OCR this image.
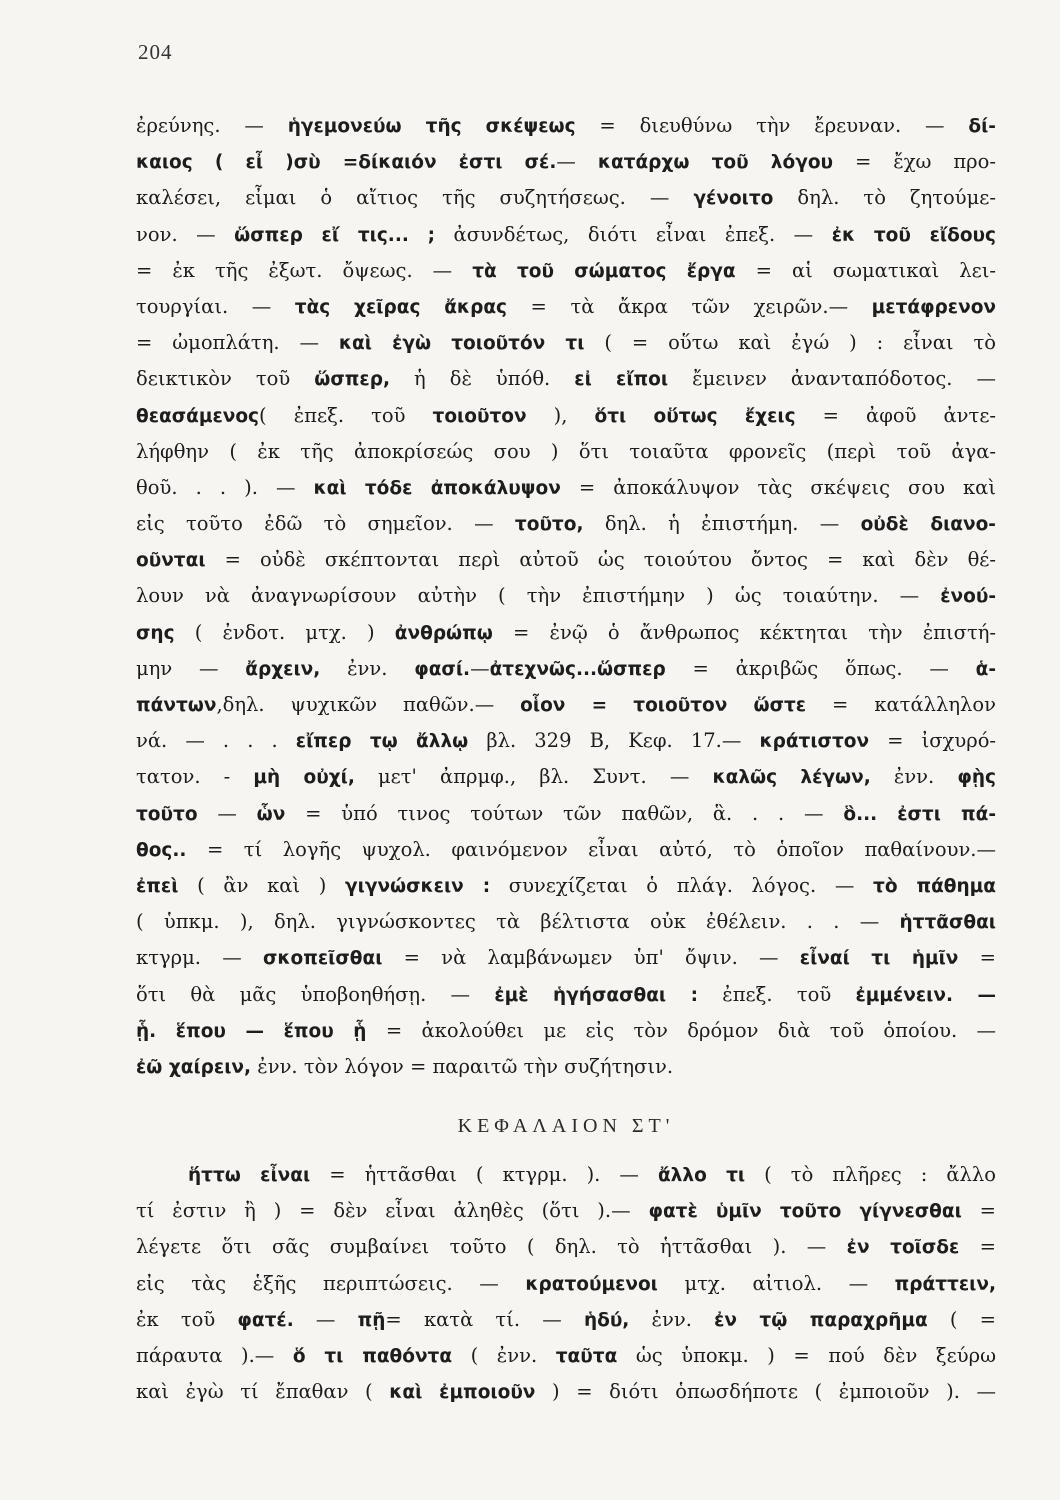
204
ἐρεύνης. — ἡγεμονεύω τῆς σκέψεως = διευθύνω τὴν ἔρευναν. — δί-
καιος ( εἶ )σὺ =δίκαιόν ἐστι σέ.— κατάρχω τοῦ λόγου = ἔχω προ-
καλέσει, εἶμαι ὁ αἴτιος τῆς συζητήσεως. — γένοιτο δηλ. τὸ ζητούμε-
νον. — ὥσπερ εἴ τις... ; ἀσυνδέτως, διότι εἶναι ἐπεξ. — ἐκ τοῦ εἴδους
= ἐκ τῆς ἐξωτ. ὄψεως. — τὰ τοῦ σώματος ἔργα = αἱ σωματικαὶ λει-
τουργίαι. — τὰς χεῖρας ἄκρας = τὰ ἄκρα τῶν χειρῶν.— μετάφρενον
= ὠμοπλάτη. — καὶ ἐγὼ τοιοῦτόν τι ( = οὕτω καὶ ἐγώ ) : εἶναι τὸ
δεικτικὸν τοῦ ὥσπερ, ἡ δὲ ὑπόθ. εἰ εἴποι ἔμεινεν ἀνανταπόδοτος. —
θεασάμενος( ἐπεξ. τοῦ τοιοῦτον ), ὅτι οὕτως ἔχεις = ἀφοῦ ἀντε-
λήφθην ( ἐκ τῆς ἀποκρίσεώς σου ) ὅτι τοιαῦτα φρονεῖς (περὶ τοῦ ἀγα-
θοῦ. . . ). — καὶ τόδε ἀποκάλυψον = ἀποκάλυψον τὰς σκέψεις σου καὶ
εἰς τοῦτο ἐδῶ τὸ σημεῖον. — τοῦτο, δηλ. ἡ ἐπιστήμη. — οὐδὲ διανο-
οῦνται = οὐδὲ σκέπτονται περὶ αὐτοῦ ὡς τοιούτου ὄντος = καὶ δὲν θέ-
λουν νὰ ἀναγνωρίσουν αὐτὴν ( τὴν ἐπιστήμην ) ὡς τοιαύτην. — ἐνού-
σης ( ἐνδοτ. μτχ. ) ἀνθρώπῳ = ἐνῷ ὁ ἄνθρωπος κέκτηται τὴν ἐπιστή-
μην — ἄρχειν, ἐνν. φασί.—ἀτεχνῶς...ὥσπερ = ἀκριβῶς ὅπως. — ἁ-
πάντων,δηλ. ψυχικῶν παθῶν.— οἷον = τοιοῦτον ὥστε = κατάλληλον
νά. — . . . εἴπερ τῳ ἄλλῳ βλ. 329 Β, Κεφ. 17.— κράτιστον = ἰσχυρό-
τατον. - μὴ οὐχί, μετ' ἀπρμφ., βλ. Συντ. — καλῶς λέγων, ἐνν. φῂς
τοῦτο — ὧν = ὑπό τινος τούτων τῶν παθῶν, ἃ. . . — ὃ... ἐστι πά-
θος.. = τί λογῆς ψυχολ. φαινόμενον εἶναι αὐτό, τὸ ὁποῖον παθαίνουν.—
ἐπεὶ ( ἂν καὶ ) γιγνώσκειν : συνεχίζεται ὁ πλάγ. λόγος. — τὸ πάθημα
( ὑπκμ. ), δηλ. γιγνώσκοντες τὰ βέλτιστα οὐκ ἐθέλειν. . . — ἡττᾶσθαι
κτγρμ. — σκοπεῖσθαι = νὰ λαμβάνωμεν ὑπ' ὄψιν. — εἶναί τι ἡμῖν =
ὅτι θὰ μᾶς ὑποβοηθήσῃ. — ἐμὲ ἡγήσασθαι : ἐπεξ. τοῦ ἐμμένειν. —
ᾗ. ἕπου — ἕπου ᾗ = ἀκολούθει με εἰς τὸν δρόμον διὰ τοῦ ὁποίου. —
ἐῶ χαίρειν, ἐνν. τὸν λόγον = παραιτῶ τὴν συζήτησιν.
ΚΕΦΑΛΑΙΟΝ ΣΤ'
ἥττω εἶναι = ἡττᾶσθαι ( κτγρμ. ). — ἄλλο τι ( τὸ πλῆρες : ἄλλο
τί ἐστιν ἢ ) = δὲν εἶναι ἀληθὲς (ὅτι ).— φατὲ ὑμῖν τοῦτο γίγνεσθαι =
λέγετε ὅτι σᾶς συμβαίνει τοῦτο ( δηλ. τὸ ἡττᾶσθαι ). — ἐν τοῖσδε =
εἰς τὰς ἑξῆς περιπτώσεις. — κρατούμενοι μτχ. αἰτιολ. — πράττειν,
ἐκ τοῦ φατέ. — πῇ= κατὰ τί. — ἡδύ, ἐνν. ἐν τῷ παραχρῆμα ( =
πάραυτα ).— ὅ τι παθόντα ( ἐνν. ταῦτα ὡς ὑποκμ. ) = πού δὲν ξεύρω
καὶ ἐγὼ τί ἔπαθαν ( καὶ ἐμποιοῦν ) = διότι ὁπωσδήποτε ( ἐμποιοῦν ). —
